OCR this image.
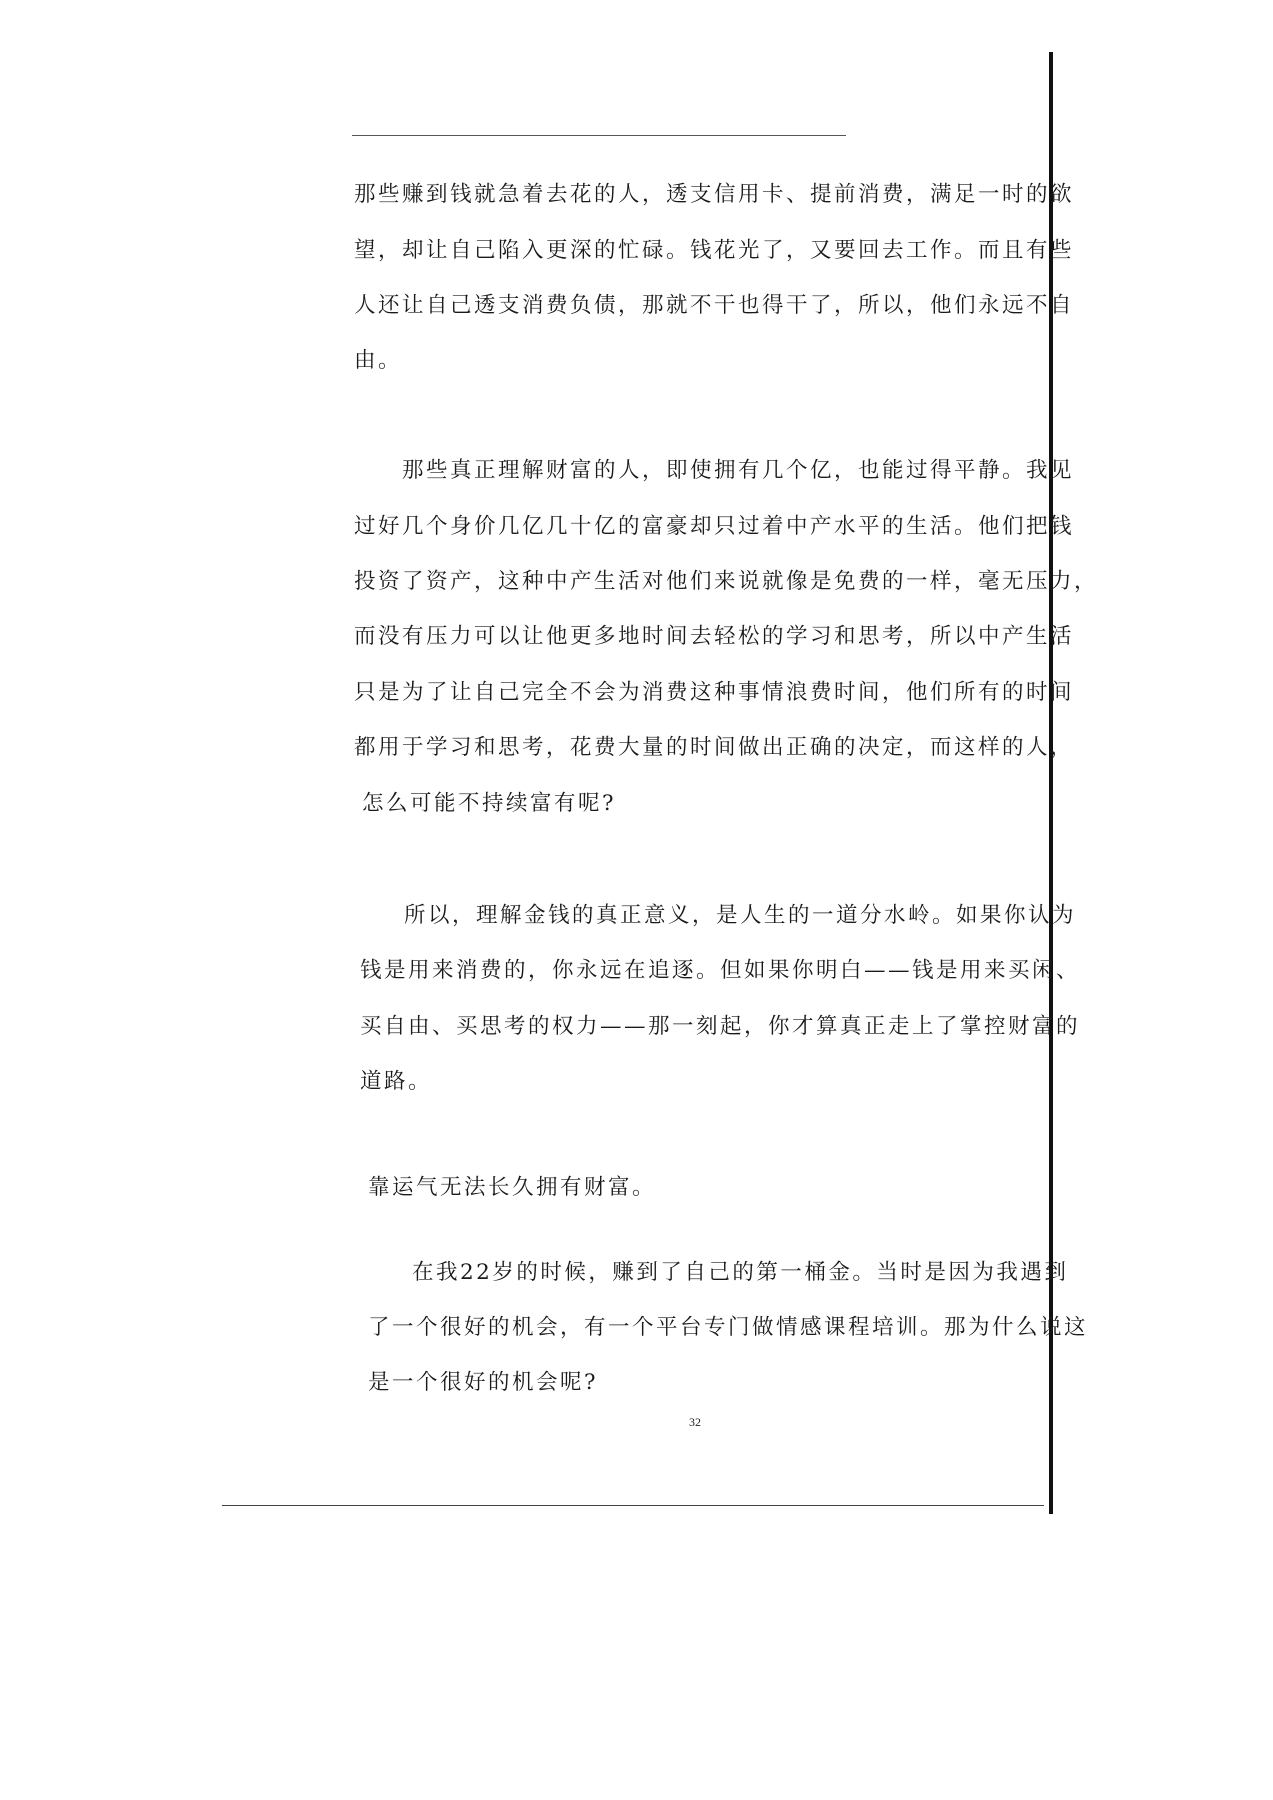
那些赚到钱就急着去花的人，透支信用卡、提前消费，满足一时的欲
望，却让自己陷入更深的忙碌。钱花光了，又要回去工作。而且有些
人还让自己透支消费负债，那就不干也得干了，所以，他们永远不自
由。
那些真正理解财富的人，即使拥有几个亿，也能过得平静。我见
过好几个身价几亿几十亿的富豪却只过着中产水平的生活。他们把钱
投资了资产，这种中产生活对他们来说就像是免费的一样，毫无压力，
而没有压力可以让他更多地时间去轻松的学习和思考，所以中产生活
只是为了让自己完全不会为消费这种事情浪费时间，他们所有的时间
都用于学习和思考，花费大量的时间做出正确的决定，而这样的人，
怎么可能不持续富有呢?
所以，理解金钱的真正意义，是人生的一道分水岭。如果你认为
钱是用来消费的，你永远在追逐。但如果你明白——钱是用来买闲、
买自由、买思考的权力——那一刻起，你才算真正走上了掌控财富的
道路。
靠运气无法长久拥有财富。
在我22岁的时候，赚到了自己的第一桶金。当时是因为我遇到
了一个很好的机会，有一个平台专门做情感课程培训。那为什么说这
是一个很好的机会呢?
32
